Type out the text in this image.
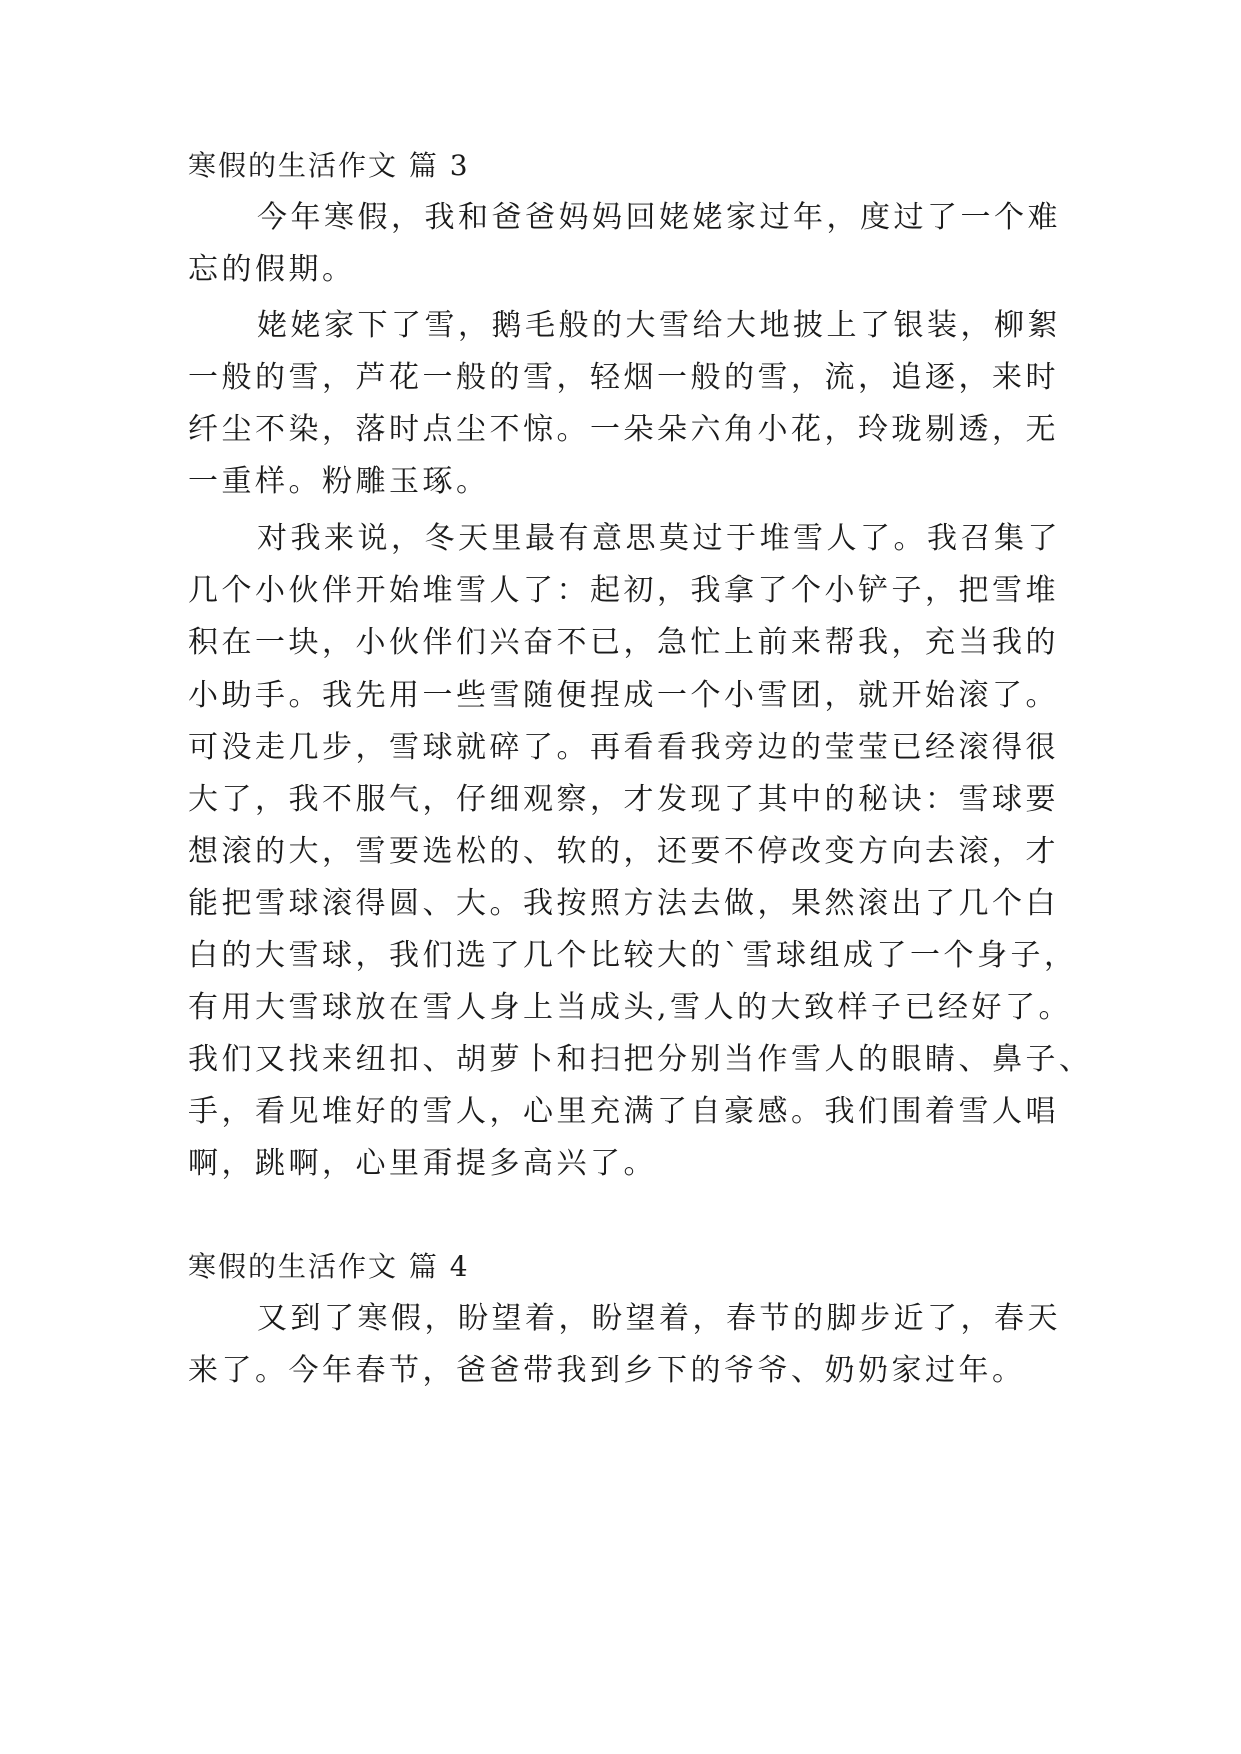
寒假的生活作文 篇 3

今年寒假，我和爸爸妈妈回姥姥家过年，度过了一个难

忘的假期。

姥姥家下了雪，鹅毛般的大雪给大地披上了银装，柳絮

一般的雪，芦花一般的雪，轻烟一般的雪，流，追逐，来时

纤尘不染，落时点尘不惊。一朵朵六角小花，玲珑剔透，无

一重样。粉雕玉琢。

对我来说，冬天里最有意思莫过于堆雪人了。我召集了

几个小伙伴开始堆雪人了：起初，我拿了个小铲子，把雪堆

积在一块，小伙伴们兴奋不已，急忙上前来帮我，充当我的

小助手。我先用一些雪随便捏成一个小雪团，就开始滚了。

可没走几步，雪球就碎了。再看看我旁边的莹莹已经滚得很

大了，我不服气，仔细观察，才发现了其中的秘诀：雪球要

想滚的大，雪要选松的、软的，还要不停改变方向去滚，才

能把雪球滚得圆、大。我按照方法去做，果然滚出了几个白

白的大雪球，我们选了几个比较大的`雪球组成了一个身子，

有用大雪球放在雪人身上当成头,雪人的大致样子已经好了。

我们又找来纽扣、胡萝卜和扫把分别当作雪人的眼睛、鼻子、

手，看见堆好的雪人，心里充满了自豪感。我们围着雪人唱

啊，跳啊，心里甭提多高兴了。

寒假的生活作文 篇 4

又到了寒假，盼望着，盼望着，春节的脚步近了，春天

来了。今年春节，爸爸带我到乡下的爷爷、奶奶家过年。
